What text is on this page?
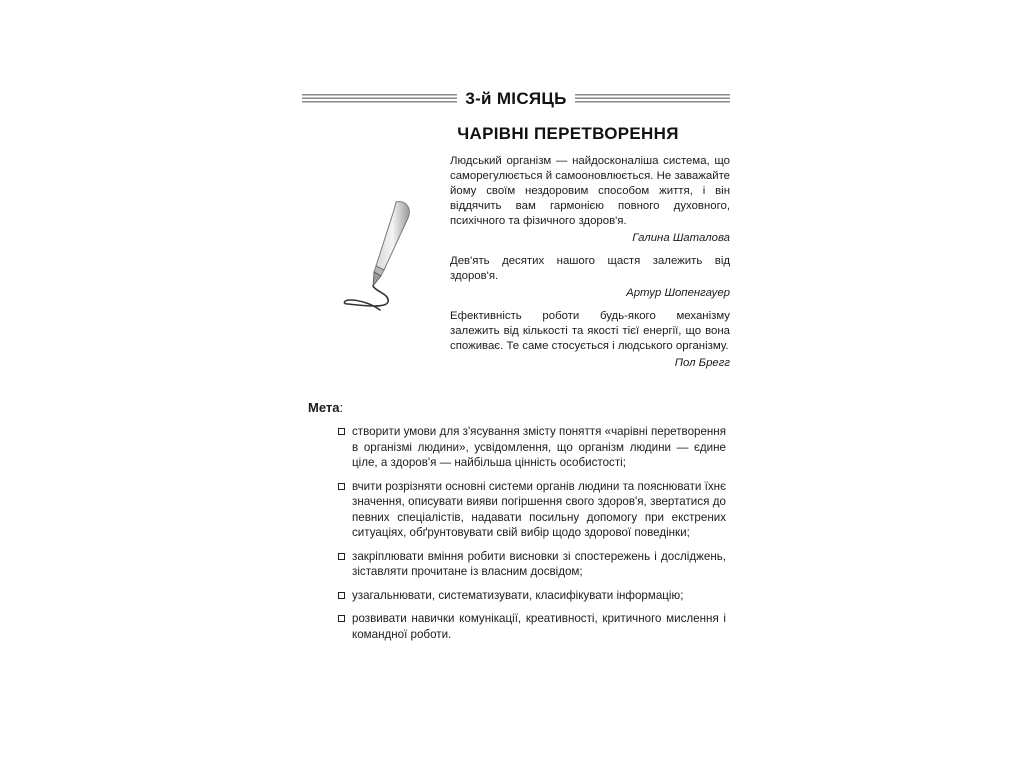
3-й МІСЯЦЬ
ЧАРІВНІ ПЕРЕТВОРЕННЯ

Людський організм — найдосконаліша система, що саморегулюється й самооновлюється. Не заважайте йому своїм нездоровим способом життя, і він віддячить вам гармонією повного духовного, психічного та фізичного здоров'я.

Галина Шаталова

Дев'ять десятих нашого щастя залежить від здоров'я.

Артур Шопенгауер

Ефективність роботи будь-якого механізму залежить від кількості та якості тієї енергії, що вона споживає. Те саме стосується і людського організму.

Пол Брегг

Мета:
створити умови для з'ясування змісту поняття «чарівні перетворення в організмі людини», усвідомлення, що організм людини — єдине ціле, а здоров'я — найбільша цінність особистості;
вчити розрізняти основні системи органів людини та пояснювати їхнє значення, описувати вияви погіршення свого здоров'я, звертатися до певних спеціалістів, надавати посильну допомогу при екстрених ситуаціях, обґрунтовувати свій вибір щодо здорової поведінки;
закріплювати вміння робити висновки зі спостережень і досліджень, зіставляти прочитане із власним досвідом;
узагальнювати, систематизувати, класифікувати інформацію;
розвивати навички комунікації, креативності, критичного мислення і командної роботи.
